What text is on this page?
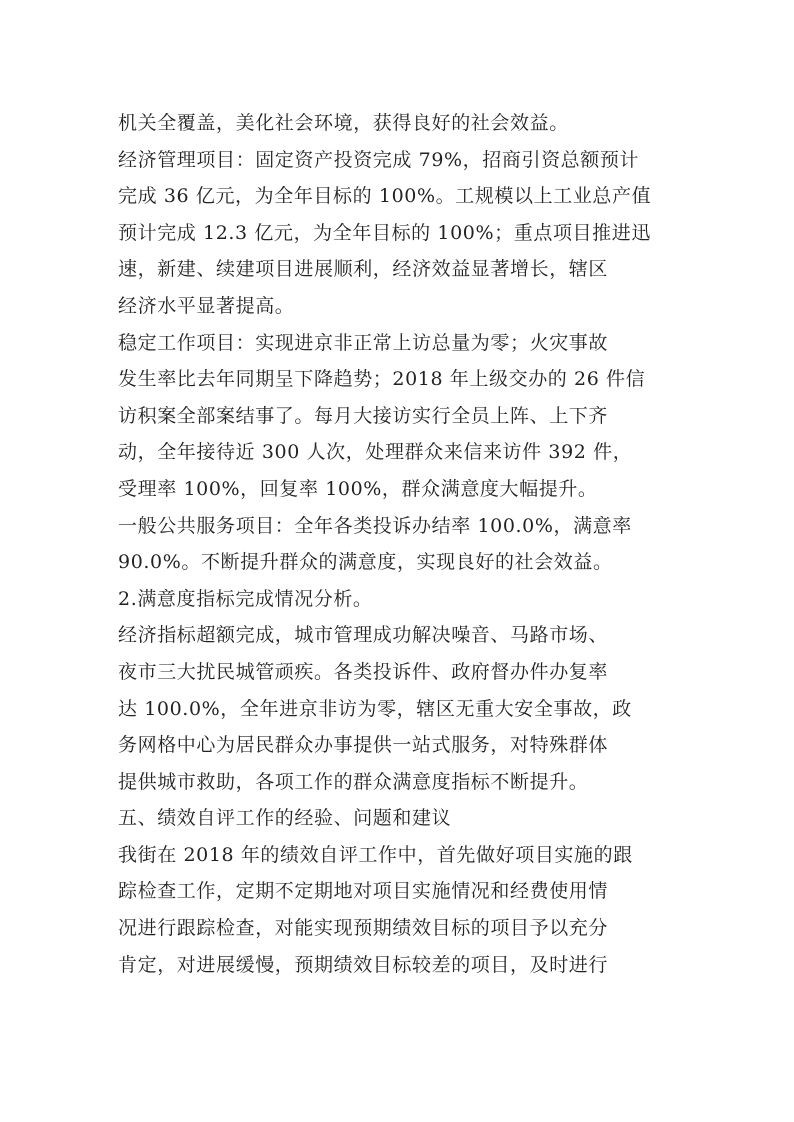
机关全覆盖，美化社会环境，获得良好的社会效益。
经济管理项目：固定资产投资完成 79%，招商引资总额预计
完成 36 亿元，为全年目标的 100%。工规模以上工业总产值
预计完成 12.3 亿元，为全年目标的 100%；重点项目推进迅
速，新建、续建项目进展顺利，经济效益显著增长，辖区
经济水平显著提高。
稳定工作项目：实现进京非正常上访总量为零；火灾事故
发生率比去年同期呈下降趋势；2018 年上级交办的 26 件信
访积案全部案结事了。每月大接访实行全员上阵、上下齐
动，全年接待近 300 人次，处理群众来信来访件 392 件，
受理率 100%，回复率 100%，群众满意度大幅提升。
一般公共服务项目：全年各类投诉办结率 100.0%，满意率
90.0%。不断提升群众的满意度，实现良好的社会效益。
2.满意度指标完成情况分析。
经济指标超额完成，城市管理成功解决噪音、马路市场、
夜市三大扰民城管顽疾。各类投诉件、政府督办件办复率
达 100.0%，全年进京非访为零，辖区无重大安全事故，政
务网格中心为居民群众办事提供一站式服务，对特殊群体
提供城市救助，各项工作的群众满意度指标不断提升。
五、绩效自评工作的经验、问题和建议
我街在 2018 年的绩效自评工作中，首先做好项目实施的跟
踪检查工作，定期不定期地对项目实施情况和经费使用情
况进行跟踪检查，对能实现预期绩效目标的项目予以充分
肯定，对进展缓慢，预期绩效目标较差的项目，及时进行
